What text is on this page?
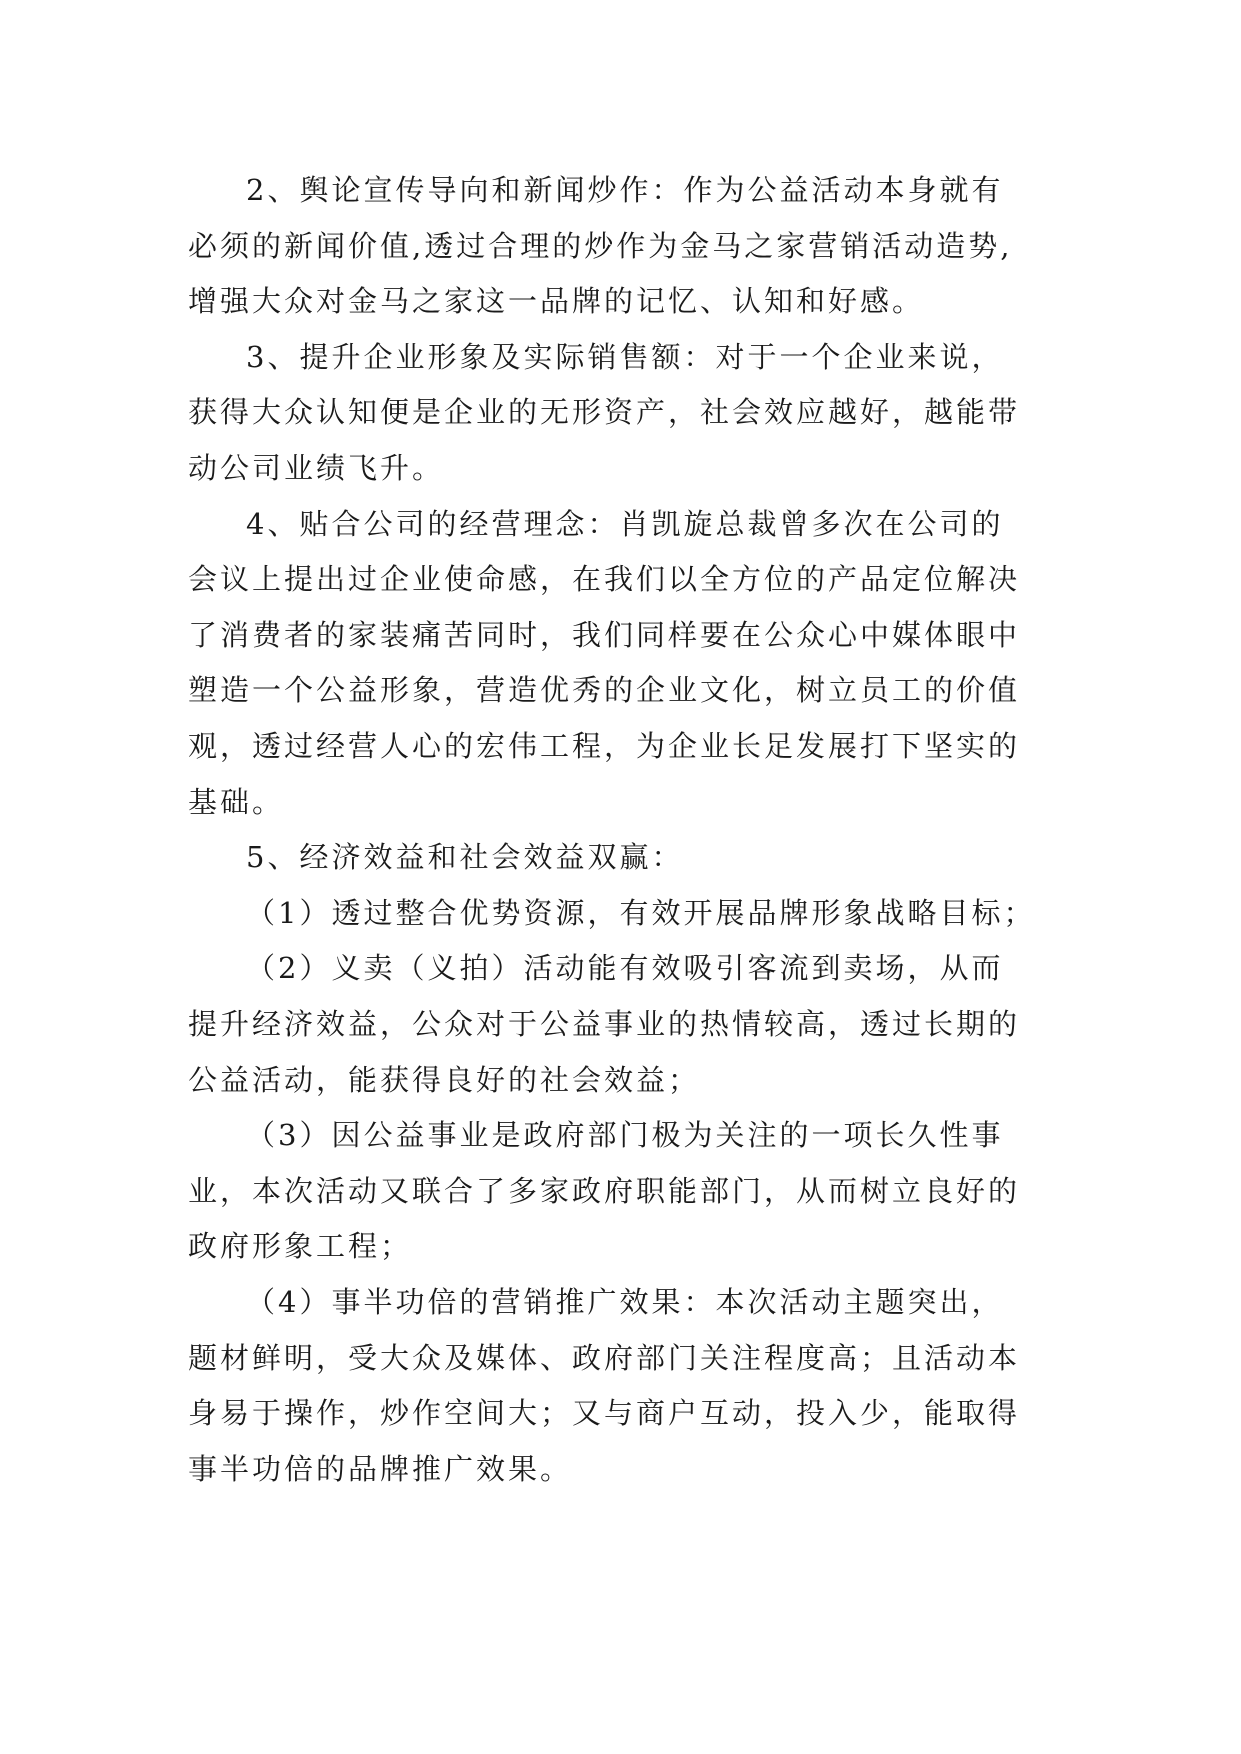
2、舆论宣传导向和新闻炒作：作为公益活动本身就有
必须的新闻价值,透过合理的炒作为金马之家营销活动造势,
增强大众对金马之家这一品牌的记忆、认知和好感。
3、提升企业形象及实际销售额：对于一个企业来说，
获得大众认知便是企业的无形资产，社会效应越好，越能带
动公司业绩飞升。
4、贴合公司的经营理念：肖凯旋总裁曾多次在公司的
会议上提出过企业使命感，在我们以全方位的产品定位解决
了消费者的家装痛苦同时，我们同样要在公众心中媒体眼中
塑造一个公益形象，营造优秀的企业文化，树立员工的价值
观，透过经营人心的宏伟工程，为企业长足发展打下坚实的
基础。
5、经济效益和社会效益双赢：
（1）透过整合优势资源，有效开展品牌形象战略目标；
（2）义卖（义拍）活动能有效吸引客流到卖场，从而
提升经济效益，公众对于公益事业的热情较高，透过长期的
公益活动，能获得良好的社会效益；
（3）因公益事业是政府部门极为关注的一项长久性事
业，本次活动又联合了多家政府职能部门，从而树立良好的
政府形象工程；
（4）事半功倍的营销推广效果：本次活动主题突出，
题材鲜明，受大众及媒体、政府部门关注程度高；且活动本
身易于操作，炒作空间大；又与商户互动，投入少，能取得
事半功倍的品牌推广效果。
